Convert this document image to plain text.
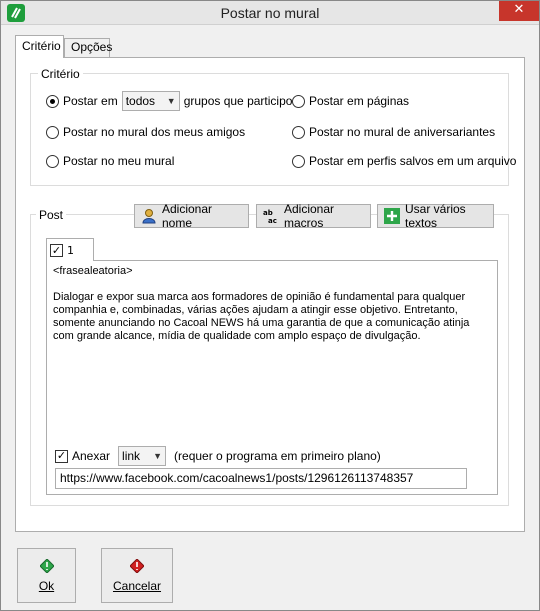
Postar no mural	✕
Critério Opções
Critério
Postar em todos ▼ grupos que participo
Postar no mural dos meus amigos
Postar no meu mural
Postar em páginas
Postar no mural de aniversariantes
Postar em perfis salvos em um arquivo
Post	Adicionar nome
ab
ac
Adicionar macros
Usar vários textos
✓ 1
<frasealeatoria>

Dialogar e expor sua marca aos formadores de opinião é fundamental para qualquer companhia e, combinadas, várias ações ajudam a atingir esse objetivo. Entretanto, somente anunciando no Cacoal NEWS há uma garantia de que a comunicação atinja com grande alcance, mídia de qualidade com amplo espaço de divulgação.
✓ Anexar link ▼ (requer o programa em primeiro plano)
https://www.facebook.com/cacoalnews1/posts/1296126113748357
Ok	Cancelar
